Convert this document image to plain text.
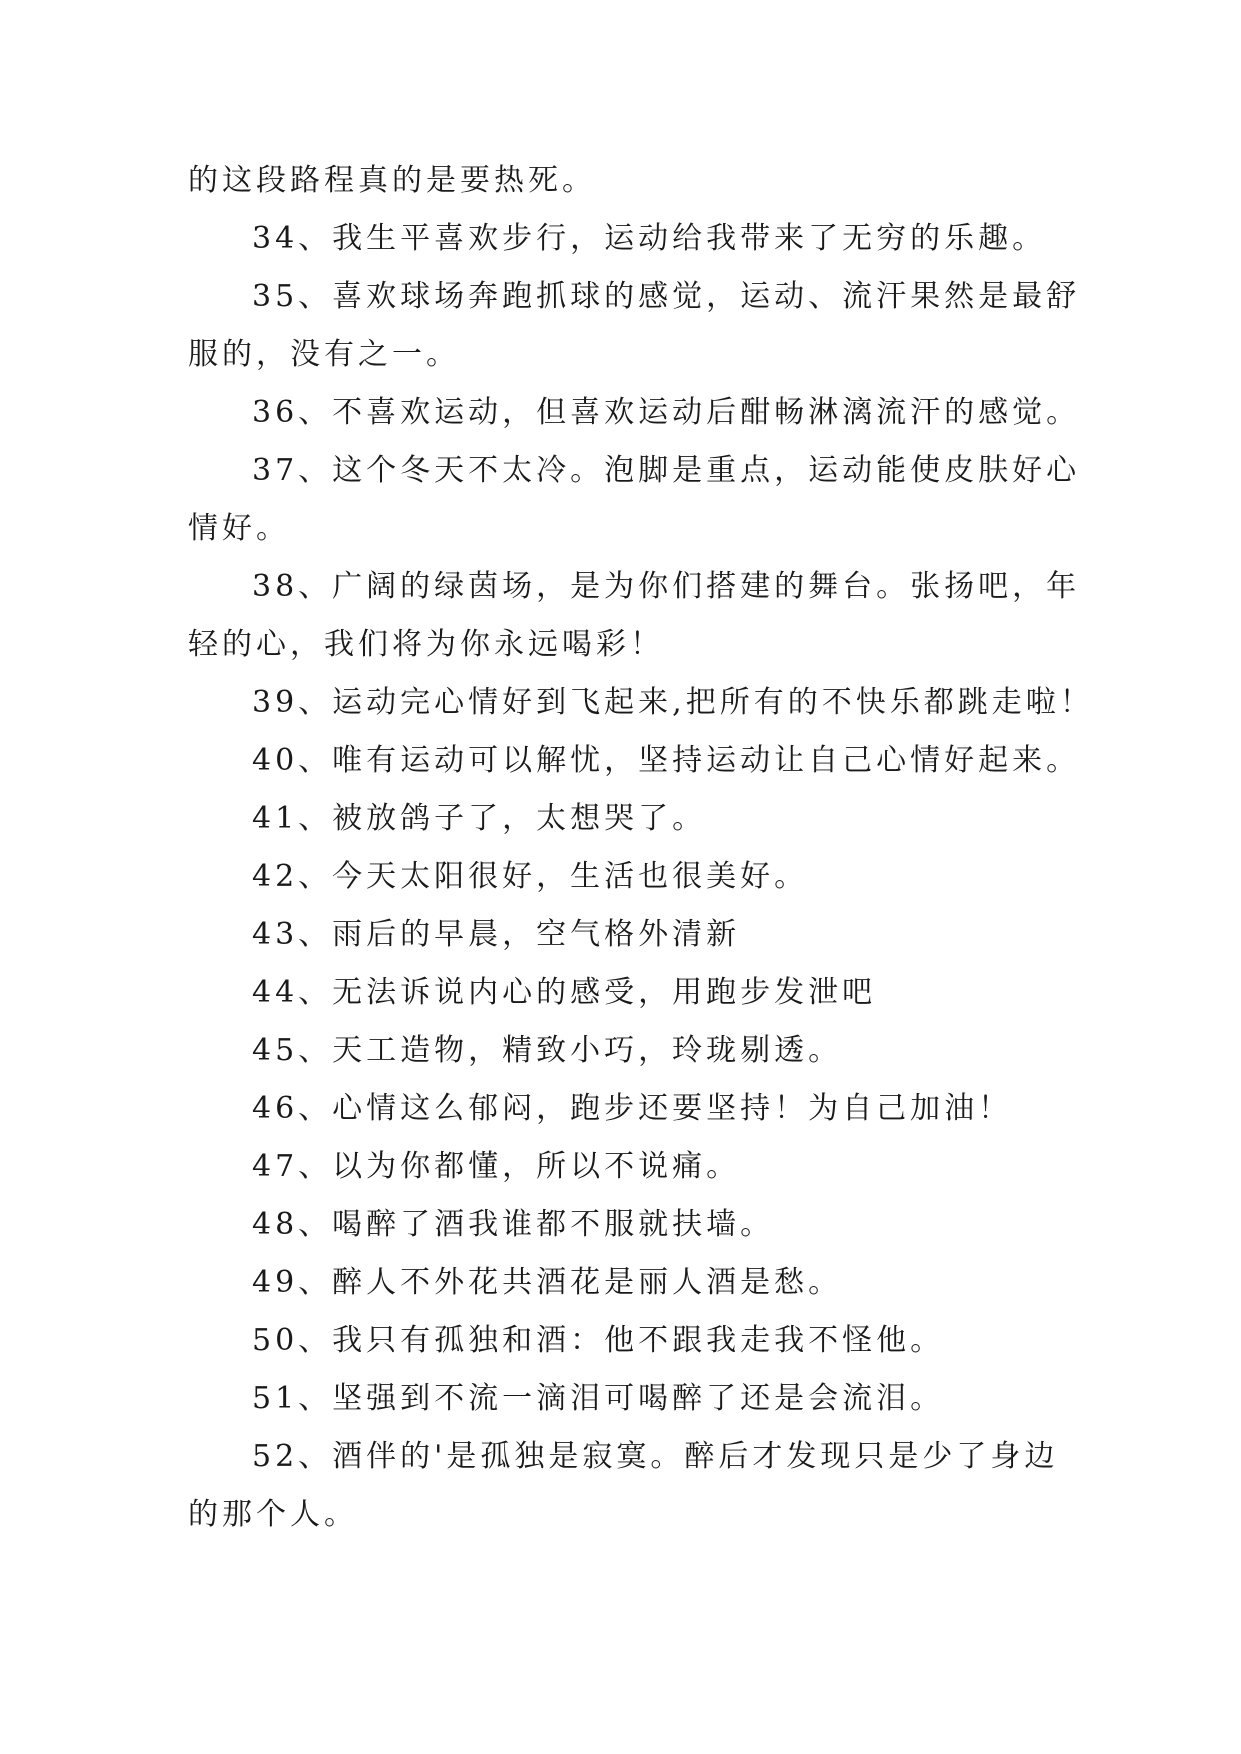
的这段路程真的是要热死。
34、我生平喜欢步行，运动给我带来了无穷的乐趣。
35、喜欢球场奔跑抓球的感觉，运动、流汗果然是最舒
服的，没有之一。
36、不喜欢运动，但喜欢运动后酣畅淋漓流汗的感觉。
37、这个冬天不太冷。泡脚是重点，运动能使皮肤好心
情好。
38、广阔的绿茵场，是为你们搭建的舞台。张扬吧，年
轻的心，我们将为你永远喝彩！
39、运动完心情好到飞起来,把所有的不快乐都跳走啦！
40、唯有运动可以解忧，坚持运动让自己心情好起来。
41、被放鸽子了，太想哭了。
42、今天太阳很好，生活也很美好。
43、雨后的早晨，空气格外清新
44、无法诉说内心的感受，用跑步发泄吧
45、天工造物，精致小巧，玲珑剔透。
46、心情这么郁闷，跑步还要坚持！为自己加油！
47、以为你都懂，所以不说痛。
48、喝醉了酒我谁都不服就扶墙。
49、醉人不外花共酒花是丽人酒是愁。
50、我只有孤独和酒：他不跟我走我不怪他。
51、坚强到不流一滴泪可喝醉了还是会流泪。
52、酒伴的'是孤独是寂寞。醉后才发现只是少了身边
的那个人。
